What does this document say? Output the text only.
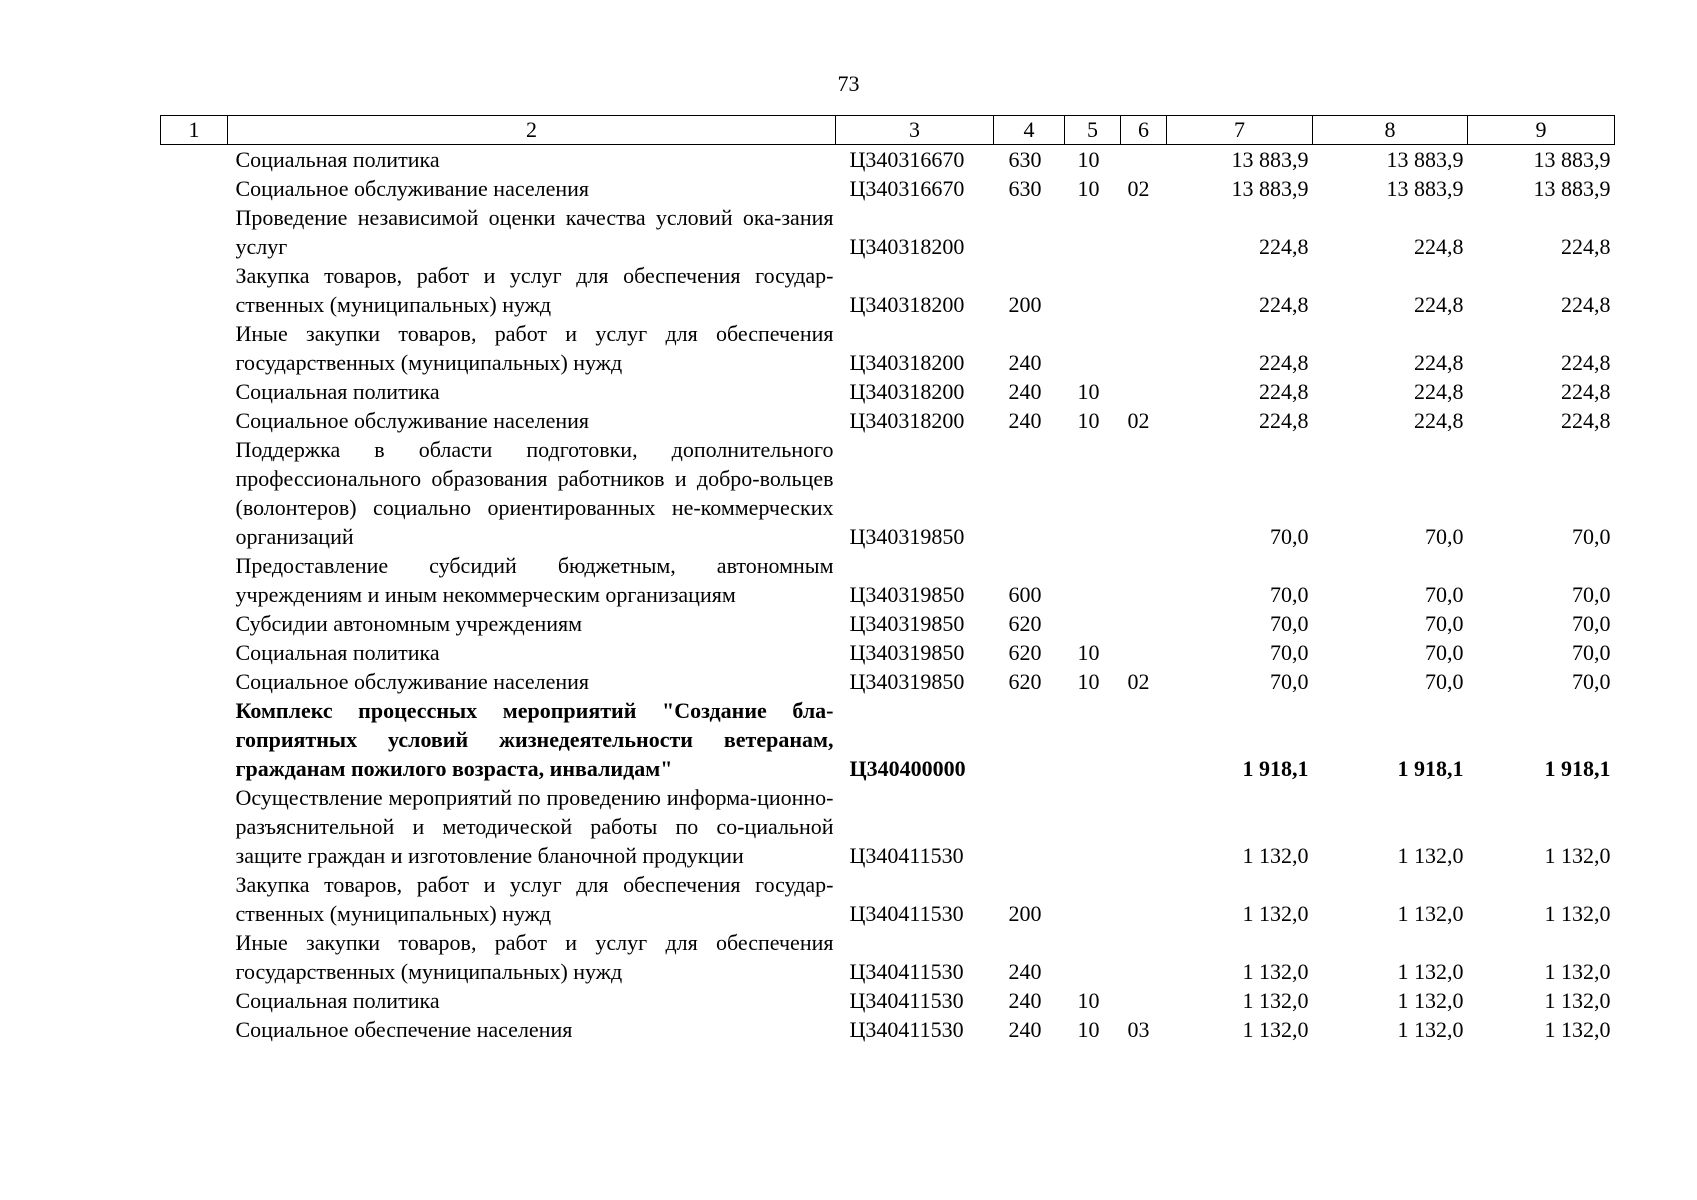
73
1	2	3	4	5	6	7	8	9
	Социальная политика	Ц340316670	630	10		13 883,9	13 883,9	13 883,9
	Социальное обслуживание населения	Ц340316670	630	10	02	13 883,9	13 883,9	13 883,9
	Проведение независимой оценки качества условий ока-зания услуг	Ц340318200				224,8	224,8	224,8
	Закупка товаров, работ и услуг для обеспечения государ-ственных (муниципальных) нужд	Ц340318200	200			224,8	224,8	224,8
	Иные закупки товаров, работ и услуг для обеспечения государственных (муниципальных) нужд	Ц340318200	240			224,8	224,8	224,8
	Социальная политика	Ц340318200	240	10		224,8	224,8	224,8
	Социальное обслуживание населения	Ц340318200	240	10	02	224,8	224,8	224,8
	Поддержка в области подготовки, дополнительного профессионального образования работников и добро-вольцев (волонтеров) социально ориентированных не-коммерческих организаций	Ц340319850				70,0	70,0	70,0
	Предоставление субсидий бюджетным, автономным учреждениям и иным некоммерческим организациям	Ц340319850	600			70,0	70,0	70,0
	Субсидии автономным учреждениям	Ц340319850	620			70,0	70,0	70,0
	Социальная политика	Ц340319850	620	10		70,0	70,0	70,0
	Социальное обслуживание населения	Ц340319850	620	10	02	70,0	70,0	70,0
	Комплекс процессных мероприятий "Создание бла-гоприятных условий жизнедеятельности ветеранам, гражданам пожилого возраста, инвалидам"	Ц340400000				1 918,1	1 918,1	1 918,1
	Осуществление мероприятий по проведению информа-ционно-разъяснительной и методической работы по со-циальной защите граждан и изготовление бланочной продукции	Ц340411530				1 132,0	1 132,0	1 132,0
	Закупка товаров, работ и услуг для обеспечения государ-ственных (муниципальных) нужд	Ц340411530	200			1 132,0	1 132,0	1 132,0
	Иные закупки товаров, работ и услуг для обеспечения государственных (муниципальных) нужд	Ц340411530	240			1 132,0	1 132,0	1 132,0
	Социальная политика	Ц340411530	240	10		1 132,0	1 132,0	1 132,0
	Социальное обеспечение населения	Ц340411530	240	10	03	1 132,0	1 132,0	1 132,0
